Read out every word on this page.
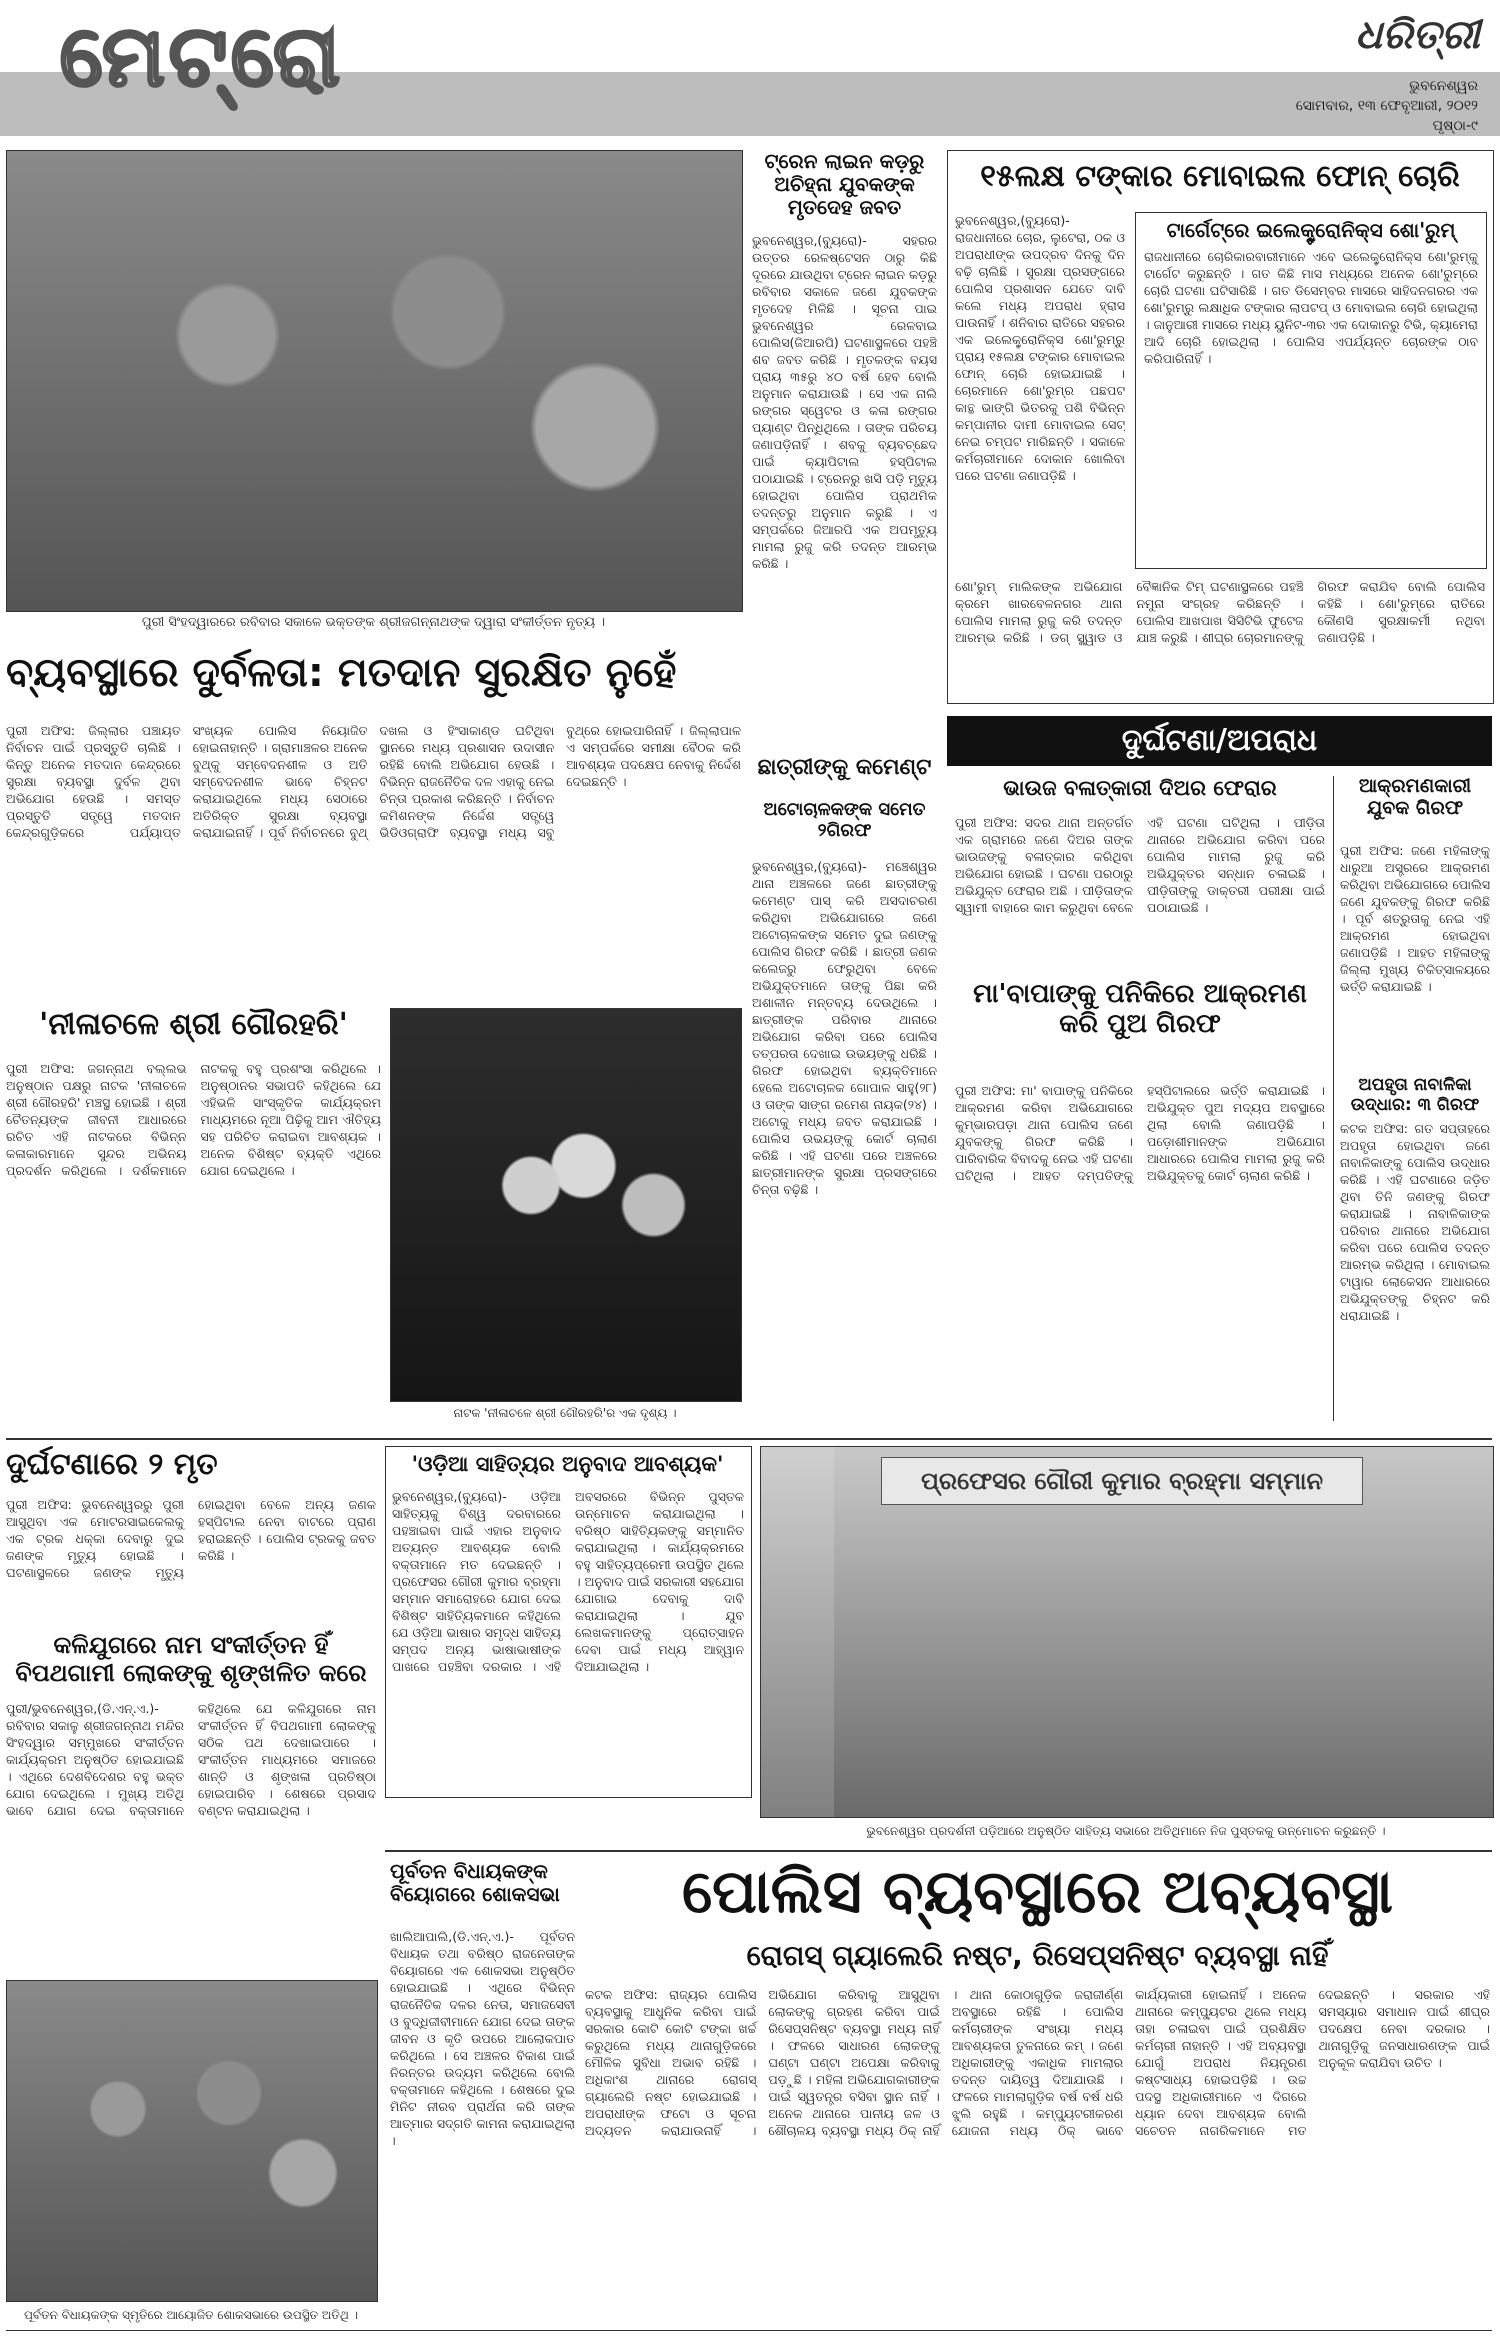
ମେଟ୍ରୋ	ଧରିତ୍ରୀ
ଭୁବନେଶ୍ୱର
ସୋମବାର, ୧୩ ଫେବୃଆରୀ, ୨୦୧୨
ପୃଷ୍ଠା-୯
ପୁରୀ ସିଂହଦ୍ୱାରରେ ରବିବାର ସକାଳେ ଭକ୍ତଙ୍କ ଶ୍ରୀଜଗନ୍ନାଥଙ୍କ ଦ୍ୱାରା ସଂକୀର୍ତ୍ତନ ନୃତ୍ୟ ।
ଟ୍ରେନ ଲାଇନ କଡ଼ରୁ ଅଚିହ୍ନା ଯୁବକଙ୍କ ମୃତଦେହ ଜବତ
ଭୁବନେଶ୍ୱର,(ବ୍ୟୁରୋ)- ସହରର ଉତ୍ତର ରେଳଷ୍ଟେସନ ଠାରୁ କିଛି ଦୂରରେ ଯାଉଥିବା ଟ୍ରେନ ଲାଇନ କଡ଼ରୁ ରବିବାର ସକାଳେ ଜଣେ ଯୁବକଙ୍କ ମୃତଦେହ ମିଳିଛି । ସୂଚନା ପାଇ ଭୁବନେଶ୍ୱର ରେଳବାଇ ପୋଲିସ(ଜିଆରପି) ଘଟଣାସ୍ଥଳରେ ପହଞ୍ଚି ଶବ ଜବତ କରିଛି । ମୃତକଙ୍କ ବୟସ ପ୍ରାୟ ୩୫ରୁ ୪୦ ବର୍ଷ ହେବ ବୋଲି ଅନୁମାନ କରାଯାଉଛି । ସେ ଏକ ନାଲି ରଙ୍ଗର ସ୍ୱେଟର ଓ କଳା ରଙ୍ଗର ପ୍ୟାଣ୍ଟ ପିନ୍ଧିଥିଲେ । ତାଙ୍କ ପରିଚୟ ଜଣାପଡ଼ିନାହିଁ । ଶବକୁ ବ୍ୟବଚ୍ଛେଦ ପାଇଁ କ୍ୟାପିଟାଲ ହସ୍ପିଟାଲ ପଠାଯାଇଛି । ଟ୍ରେନରୁ ଖସି ପଡ଼ି ମୃତ୍ୟୁ ହୋଇଥିବା ପୋଲିସ ପ୍ରାଥମିକ ତଦନ୍ତରୁ ଅନୁମାନ କରୁଛି । ଏ ସମ୍ପର୍କରେ ଜିଆରପି ଏକ ଅପମୃତ୍ୟୁ ମାମଲା ରୁଜୁ କରି ତଦନ୍ତ ଆରମ୍ଭ କରିଛି ।
୧୫ଲକ୍ଷ ଟଙ୍କାର ମୋବାଇଲ ଫୋନ୍ ଚୋରି
ଭୁବନେଶ୍ୱର,(ବ୍ୟୁରୋ)- ରାଜଧାନୀରେ ଚୋର, ଲୁଟେରା, ଠକ ଓ ଅପରାଧୀଙ୍କ ଉପଦ୍ରବ ଦିନକୁ ଦିନ ବଢ଼ି ଚାଲିଛି । ସୁରକ୍ଷା ପ୍ରସଙ୍ଗରେ ପୋଲିସ ପ୍ରଶାସନ ଯେତେ ଦାବି କଲେ ମଧ୍ୟ ଅପରାଧ ହ୍ରାସ ପାଉନାହିଁ । ଶନିବାର ରାତିରେ ସହରର ଏକ ଇଲେକ୍ଟ୍ରୋନିକ୍ସ ଶୋ'ରୁମ୍‌ରୁ ପ୍ରାୟ ୧୫ଲକ୍ଷ ଟଙ୍କାର ମୋବାଇଲ ଫୋନ୍ ଚୋରି ହୋଇଯାଇଛି । ଚୋରମାନେ ଶୋ'ରୁମ୍‌ର ପଛପଟ କାନ୍ଥ ଭାଙ୍ଗି ଭିତରକୁ ପଶି ବିଭିନ୍ନ କମ୍ପାନୀର ଦାମୀ ମୋବାଇଲ ସେଟ୍ ନେଇ ଚମ୍ପଟ ମାରିଛନ୍ତି । ସକାଳେ କର୍ମଚାରୀମାନେ ଦୋକାନ ଖୋଲିବା ପରେ ଘଟଣା ଜଣାପଡ଼ିଛି ।
ଟାର୍ଗେଟ୍‌ରେ ଇଲେକ୍ଟ୍ରୋନିକ୍ସ ଶୋ'ରୁମ୍
ରାଜଧାନୀରେ ଚୋରିକାରବାରୀମାନେ ଏବେ ଇଲେକ୍ଟ୍ରୋନିକ୍ସ ଶୋ'ରୁମ୍‌କୁ ଟାର୍ଗେଟ କରୁଛନ୍ତି । ଗତ କିଛି ମାସ ମଧ୍ୟରେ ଅନେକ ଶୋ'ରୁମ୍‌ରେ ଚୋରି ଘଟଣା ଘଟିସାରିଛି । ଗତ ଡିସେମ୍ବର ମାସରେ ସାହିଦନଗରର ଏକ ଶୋ'ରୁମ୍‌ରୁ ଲକ୍ଷାଧିକ ଟଙ୍କାର ଲାପଟପ୍ ଓ ମୋବାଇଲ ଚୋରି ହୋଇଥିଲା । ଜାନୁଆରୀ ମାସରେ ମଧ୍ୟ ୟୁନିଟ-୩ର ଏକ ଦୋକାନରୁ ଟିଭି, କ୍ୟାମେରା ଆଦି ଚୋରି ହୋଇଥିଲା । ପୋଲିସ ଏପର୍ଯ୍ୟନ୍ତ ଚୋରଙ୍କ ଠାବ କରିପାରିନାହିଁ ।
ଶୋ'ରୁମ୍ ମାଲିକଙ୍କ ଅଭିଯୋଗ କ୍ରମେ ଖାରବେଳନଗର ଥାନା ପୋଲିସ ମାମଲା ରୁଜୁ କରି ତଦନ୍ତ ଆରମ୍ଭ କରିଛି । ଡଗ୍ ସ୍କ୍ୱାଡ ଓ ବୈଜ୍ଞାନିକ ଟିମ୍ ଘଟଣାସ୍ଥଳରେ ପହଞ୍ଚି ନମୁନା ସଂଗ୍ରହ କରିଛନ୍ତି । ପୋଲିସ ଆଖପାଖ ସିସିଟିଭି ଫୁଟେଜ ଯାଞ୍ଚ କରୁଛି । ଶୀଘ୍ର ଚୋରମାନଙ୍କୁ ଗିରଫ କରାଯିବ ବୋଲି ପୋଲିସ କହିଛି । ଶୋ'ରୁମ୍‌ରେ ରାତିରେ କୌଣସି ସୁରକ୍ଷାକର୍ମୀ ନଥିବା ଜଣାପଡ଼ିଛି ।
ବ୍ୟବସ୍ଥାରେ ଦୁର୍ବଳତା: ମତଦାନ ସୁରକ୍ଷିତ ନୁହେଁ
ପୁରୀ ଅଫିସ: ଜିଲ୍ଲାର ପଞ୍ଚାୟତ ନିର୍ବାଚନ ପାଇଁ ପ୍ରସ୍ତୁତି ଚାଲିଛି । କିନ୍ତୁ ଅନେକ ମତଦାନ କେନ୍ଦ୍ରରେ ସୁରକ୍ଷା ବ୍ୟବସ୍ଥା ଦୁର୍ବଳ ଥିବା ଅଭିଯୋଗ ହେଉଛି । ସମସ୍ତ ପ୍ରସ୍ତୁତି ସତ୍ତ୍ୱେ ମତଦାନ କେନ୍ଦ୍ରଗୁଡ଼ିକରେ ପର୍ଯ୍ୟାପ୍ତ ସଂଖ୍ୟକ ପୋଲିସ ନିୟୋଜିତ ହୋଇନାହାନ୍ତି । ଗ୍ରାମାଞ୍ଚଳର ଅନେକ ବୁଥ୍‌କୁ ସମ୍ବେଦନଶୀଳ ଓ ଅତି ସମ୍ବେଦନଶୀଳ ଭାବେ ଚିହ୍ନଟ କରାଯାଇଥିଲେ ମଧ୍ୟ ସେଠାରେ ଅତିରିକ୍ତ ସୁରକ୍ଷା ବ୍ୟବସ୍ଥା କରାଯାଇନାହିଁ । ପୂର୍ବ ନିର୍ବାଚନରେ ବୁଥ୍ ଦଖଲ ଓ ହିଂସାକାଣ୍ଡ ଘଟିଥିବା ସ୍ଥାନରେ ମଧ୍ୟ ପ୍ରଶାସନ ଉଦାସୀନ ରହିଛି ବୋଲି ଅଭିଯୋଗ ହେଉଛି । ବିଭିନ୍ନ ରାଜନୈତିକ ଦଳ ଏହାକୁ ନେଇ ଚିନ୍ତା ପ୍ରକାଶ କରିଛନ୍ତି । ନିର୍ବାଚନ କମିଶନଙ୍କ ନିର୍ଦ୍ଦେଶ ସତ୍ତ୍ୱେ ଭିଡିଓଗ୍ରାଫି ବ୍ୟବସ୍ଥା ମଧ୍ୟ ସବୁ ବୁଥ୍‌ରେ ହୋଇପାରିନାହିଁ । ଜିଲ୍ଲାପାଳ ଏ ସମ୍ପର୍କରେ ସମୀକ୍ଷା ବୈଠକ କରି ଆବଶ୍ୟକ ପଦକ୍ଷେପ ନେବାକୁ ନିର୍ଦ୍ଦେଶ ଦେଇଛନ୍ତି ।
ଛାତ୍ରୀଙ୍କୁ କମେଣ୍ଟ
ଅଟୋଚାଳକଙ୍କ ସମେତ ୨ଗିରଫ
ଭୁବନେଶ୍ୱର,(ବ୍ୟୁରୋ)- ମଞ୍ଚେଶ୍ୱର ଥାନା ଅଞ୍ଚଳରେ ଜଣେ ଛାତ୍ରୀଙ୍କୁ କମେଣ୍ଟ ପାସ୍ କରି ଅସଦାଚରଣ କରିଥିବା ଅଭିଯୋଗରେ ଜଣେ ଅଟୋଚାଳକଙ୍କ ସମେତ ଦୁଇ ଜଣଙ୍କୁ ପୋଲିସ ଗିରଫ କରିଛି । ଛାତ୍ରୀ ଜଣକ କଲେଜରୁ ଫେରୁଥିବା ବେଳେ ଅଭିଯୁକ୍ତମାନେ ତାଙ୍କୁ ପିଛା କରି ଅଶାଳୀନ ମନ୍ତବ୍ୟ ଦେଉଥିଲେ । ଛାତ୍ରୀଙ୍କ ପରିବାର ଥାନାରେ ଅଭିଯୋଗ କରିବା ପରେ ପୋଲିସ ତତ୍ପରତା ଦେଖାଇ ଉଭୟଙ୍କୁ ଧରିଛି । ଗିରଫ ହୋଇଥିବା ବ୍ୟକ୍ତିମାନେ ହେଲେ ଅଟୋଚାଳକ ଗୋପାଳ ସାହୁ(୨୮) ଓ ତାଙ୍କ ସାଙ୍ଗ ରମେଶ ନାୟକ(୨୪) । ଅଟୋକୁ ମଧ୍ୟ ଜବତ କରାଯାଇଛି । ପୋଲିସ ଉଭୟଙ୍କୁ କୋର୍ଟ ଚାଲାଣ କରିଛି । ଏହି ଘଟଣା ପରେ ଅଞ୍ଚଳରେ ଛାତ୍ରୀମାନଙ୍କ ସୁରକ୍ଷା ପ୍ରସଙ୍ଗରେ ଚିନ୍ତା ବଢ଼ିଛି ।
ଦୁର୍ଘଟଣା/ଅପରାଧ
ଭାଉଜ ବଳାତ୍କାରୀ ଦିଅର ଫେରାର
ପୁରୀ ଅଫିସ: ସଦର ଥାନା ଅନ୍ତର୍ଗତ ଏକ ଗ୍ରାମରେ ଜଣେ ଦିଅର ତାଙ୍କ ଭାଉଜଙ୍କୁ ବଳାତ୍କାର କରିଥିବା ଅଭିଯୋଗ ହୋଇଛି । ଘଟଣା ପରଠାରୁ ଅଭିଯୁକ୍ତ ଫେରାର ଅଛି । ପୀଡ଼ିତାଙ୍କ ସ୍ୱାମୀ ବାହାରେ କାମ କରୁଥିବା ବେଳେ ଏହି ଘଟଣା ଘଟିଥିଲା । ପୀଡ଼ିତା ଥାନାରେ ଅଭିଯୋଗ କରିବା ପରେ ପୋଲିସ ମାମଲା ରୁଜୁ କରି ଅଭିଯୁକ୍ତର ସନ୍ଧାନ ଚଳାଇଛି । ପୀଡ଼ିତାଙ୍କୁ ଡାକ୍ତରୀ ପରୀକ୍ଷା ପାଇଁ ପଠାଯାଇଛି ।
ଆକ୍ରମଣକାରୀ ଯୁବକ ଗିରଫ
ପୁରୀ ଅଫିସ: ଜଣେ ମହିଳାଙ୍କୁ ଧାରୁଆ ଅସ୍ତ୍ରରେ ଆକ୍ରମଣ କରିଥିବା ଅଭିଯୋଗରେ ପୋଲିସ ଜଣେ ଯୁବକଙ୍କୁ ଗିରଫ କରିଛି । ପୂର୍ବ ଶତ୍ରୁତାକୁ ନେଇ ଏହି ଆକ୍ରମଣ ହୋଇଥିବା ଜଣାପଡ଼ିଛି । ଆହତ ମହିଳାଙ୍କୁ ଜିଲ୍ଲା ମୁଖ୍ୟ ଚିକିତ୍ସାଳୟରେ ଭର୍ତ୍ତି କରାଯାଇଛି ।
ଅପହୃତା ନାବାଳିକା ଉଦ୍ଧାର: ୩ ଗିରଫ
କଟକ ଅଫିସ: ଗତ ସପ୍ତାହରେ ଅପହୃତା ହୋଇଥିବା ଜଣେ ନାବାଳିକାଙ୍କୁ ପୋଲିସ ଉଦ୍ଧାର କରିଛି । ଏହି ଘଟଣାରେ ଜଡ଼ିତ ଥିବା ତିନି ଜଣଙ୍କୁ ଗିରଫ କରାଯାଇଛି । ନାବାଳିକାଙ୍କ ପରିବାର ଥାନାରେ ଅଭିଯୋଗ କରିବା ପରେ ପୋଲିସ ତଦନ୍ତ ଆରମ୍ଭ କରିଥିଲା । ମୋବାଇଲ ଟାୱାର ଲୋକେସନ ଆଧାରରେ ଅଭିଯୁକ୍ତଙ୍କୁ ଚିହ୍ନଟ କରି ଧରାଯାଇଛି ।
ମା'ବାପାଙ୍କୁ ପନିକିରେ ଆକ୍ରମଣ କରି ପୁଅ ଗିରଫ
ପୁରୀ ଅଫିସ: ମା' ବାପାଙ୍କୁ ପନିକିରେ ଆକ୍ରମଣ କରିବା ଅଭିଯୋଗରେ କୁମ୍ଭାରପଡ଼ା ଥାନା ପୋଲିସ ଜଣେ ଯୁବକଙ୍କୁ ଗିରଫ କରିଛି । ପାରିବାରିକ ବିବାଦକୁ ନେଇ ଏହି ଘଟଣା ଘଟିଥିଲା । ଆହତ ଦମ୍ପତିଙ୍କୁ ହସ୍ପିଟାଲରେ ଭର୍ତ୍ତି କରାଯାଇଛି । ଅଭିଯୁକ୍ତ ପୁଅ ମଦ୍ୟପ ଅବସ୍ଥାରେ ଥିଲା ବୋଲି ଜଣାପଡ଼ିଛି । ପଡ଼ୋଶୀମାନଙ୍କ ଅଭିଯୋଗ ଆଧାରରେ ପୋଲିସ ମାମଲା ରୁଜୁ କରି ଅଭିଯୁକ୍ତକୁ କୋର୍ଟ ଚାଲାଣ କରିଛି ।
'ନୀଳାଚଳେ ଶ୍ରୀ ଗୌରହରି'
ପୁରୀ ଅଫିସ: ଜଗନ୍ନାଥ ବଲ୍ଲଭ ଅନୁଷ୍ଠାନ ପକ୍ଷରୁ ନାଟକ 'ନୀଳାଚଳେ ଶ୍ରୀ ଗୌରହରି' ମଞ୍ଚସ୍ଥ ହୋଇଛି । ଶ୍ରୀ ଚୈତନ୍ୟଙ୍କ ଜୀବନୀ ଆଧାରରେ ରଚିତ ଏହି ନାଟକରେ ବିଭିନ୍ନ କଳାକାରମାନେ ସୁନ୍ଦର ଅଭିନୟ ପ୍ରଦର୍ଶନ କରିଥିଲେ । ଦର୍ଶକମାନେ ନାଟକକୁ ବହୁ ପ୍ରଶଂସା କରିଥିଲେ । ଅନୁଷ୍ଠାନର ସଭାପତି କହିଥିଲେ ଯେ ଏହିଭଳି ସାଂସ୍କୃତିକ କାର୍ଯ୍ୟକ୍ରମ ମାଧ୍ୟମରେ ନୂଆ ପିଢ଼ିକୁ ଆମ ଐତିହ୍ୟ ସହ ପରିଚିତ କରାଇବା ଆବଶ୍ୟକ । ଅନେକ ବିଶିଷ୍ଟ ବ୍ୟକ୍ତି ଏଥିରେ ଯୋଗ ଦେଇଥିଲେ ।
ନାଟକ 'ନୀଳାଚଳେ ଶ୍ରୀ ଗୌରହରି'ର ଏକ ଦୃଶ୍ୟ ।
ଦୁର୍ଘଟଣାରେ ୨ ମୃତ
ପୁରୀ ଅଫିସ: ଭୁବନେଶ୍ୱରରୁ ପୁରୀ ଆସୁଥିବା ଏକ ମୋଟରସାଇକେଲକୁ ଏକ ଟ୍ରକ ଧକ୍କା ଦେବାରୁ ଦୁଇ ଜଣଙ୍କ ମୃତ୍ୟୁ ହୋଇଛି । ଘଟଣାସ୍ଥଳରେ ଜଣଙ୍କ ମୃତ୍ୟୁ ହୋଇଥିବା ବେଳେ ଅନ୍ୟ ଜଣକ ହସ୍ପିଟାଲ ନେବା ବାଟରେ ପ୍ରାଣ ହରାଇଛନ୍ତି । ପୋଲିସ ଟ୍ରକକୁ ଜବତ କରିଛି ।
କଳିଯୁଗରେ ନାମ ସଂକୀର୍ତ୍ତନ ହିଁ ବିପଥଗାମୀ ଲୋକଙ୍କୁ ଶୃଙ୍ଖଳିତ କରେ
ପୁରୀ/ଭୁବନେଶ୍ୱର,(ଡି.ଏନ୍.ଏ.)- ରବିବାର ସକାଳୁ ଶ୍ରୀଜଗନ୍ନାଥ ମନ୍ଦିର ସିଂହଦ୍ୱାର ସମ୍ମୁଖରେ ସଂକୀର୍ତ୍ତନ କାର୍ଯ୍ୟକ୍ରମ ଅନୁଷ୍ଠିତ ହୋଇଯାଇଛି । ଏଥିରେ ଦେଶବିଦେଶର ବହୁ ଭକ୍ତ ଯୋଗ ଦେଇଥିଲେ । ମୁଖ୍ୟ ଅତିଥି ଭାବେ ଯୋଗ ଦେଇ ବକ୍ତାମାନେ କହିଥିଲେ ଯେ କଳିଯୁଗରେ ନାମ ସଂକୀର୍ତ୍ତନ ହିଁ ବିପଥଗାମୀ ଲୋକଙ୍କୁ ସଠିକ ପଥ ଦେଖାଇପାରେ । ସଂକୀର୍ତ୍ତନ ମାଧ୍ୟମରେ ସମାଜରେ ଶାନ୍ତି ଓ ଶୃଙ୍ଖଳା ପ୍ରତିଷ୍ଠା ହୋଇପାରିବ । ଶେଷରେ ପ୍ରସାଦ ବଣ୍ଟନ କରାଯାଇଥିଲା ।
'ଓଡ଼ିଆ ସାହିତ୍ୟର ଅନୁବାଦ ଆବଶ୍ୟକ'
ଭୁବନେଶ୍ୱର,(ବ୍ୟୁରୋ)- ଓଡ଼ିଆ ସାହିତ୍ୟକୁ ବିଶ୍ୱ ଦରବାରରେ ପହଞ୍ଚାଇବା ପାଇଁ ଏହାର ଅନୁବାଦ ଅତ୍ୟନ୍ତ ଆବଶ୍ୟକ ବୋଲି ବକ୍ତାମାନେ ମତ ଦେଇଛନ୍ତି । ପ୍ରଫେସର ଗୌରୀ କୁମାର ବ୍ରହ୍ମା ସମ୍ମାନ ସମାରୋହରେ ଯୋଗ ଦେଇ ବିଶିଷ୍ଟ ସାହିତ୍ୟିକମାନେ କହିଥିଲେ ଯେ ଓଡ଼ିଆ ଭାଷାର ସମୃଦ୍ଧ ସାହିତ୍ୟ ସମ୍ପଦ ଅନ୍ୟ ଭାଷାଭାଷୀଙ୍କ ପାଖରେ ପହଞ୍ଚିବା ଦରକାର । ଏହି ଅବସରରେ ବିଭିନ୍ନ ପୁସ୍ତକ ଉନ୍ମୋଚନ କରାଯାଇଥିଲା । ବରିଷ୍ଠ ସାହିତ୍ୟିକଙ୍କୁ ସମ୍ମାନିତ କରାଯାଇଥିଲା । କାର୍ଯ୍ୟକ୍ରମରେ ବହୁ ସାହିତ୍ୟପ୍ରେମୀ ଉପସ୍ଥିତ ଥିଲେ । ଅନୁବାଦ ପାଇଁ ସରକାରୀ ସହଯୋଗ ଯୋଗାଇ ଦେବାକୁ ଦାବି କରାଯାଇଥିଲା । ଯୁବ ଲେଖକମାନଙ୍କୁ ପ୍ରୋତ୍ସାହନ ଦେବା ପାଇଁ ମଧ୍ୟ ଆହ୍ୱାନ ଦିଆଯାଇଥିଲା ।
ପ୍ରଫେସର ଗୌରୀ କୁମାର ବ୍ରହ୍ମା ସମ୍ମାନ
ଭୁବନେଶ୍ୱର ପ୍ରଦର୍ଶନୀ ପଡ଼ିଆରେ ଅନୁଷ୍ଠିତ ସାହିତ୍ୟ ସଭାରେ ଅତିଥିମାନେ ନିଜ ପୁସ୍ତକକୁ ଉନ୍ମୋଚନ କରୁଛନ୍ତି ।
ପୂର୍ବତନ ବିଧାୟକଙ୍କ ବିୟୋଗରେ ଶୋକସଭା
ଖାଲିଆପାଲି,(ଡି.ଏନ୍.ଏ.)- ପୂର୍ବତନ ବିଧାୟକ ତଥା ବରିଷ୍ଠ ରାଜନେତାଙ୍କ ବିୟୋଗରେ ଏକ ଶୋକସଭା ଅନୁଷ୍ଠିତ ହୋଇଯାଇଛି । ଏଥିରେ ବିଭିନ୍ନ ରାଜନୈତିକ ଦଳର ନେତା, ସମାଜସେବୀ ଓ ବୁଦ୍ଧିଜୀବୀମାନେ ଯୋଗ ଦେଇ ତାଙ୍କ ଜୀବନ ଓ କୃତି ଉପରେ ଆଲୋକପାତ କରିଥିଲେ । ସେ ଅଞ୍ଚଳର ବିକାଶ ପାଇଁ ନିରନ୍ତର ଉଦ୍ୟମ କରିଥିଲେ ବୋଲି ବକ୍ତାମାନେ କହିଥିଲେ । ଶେଷରେ ଦୁଇ ମିନିଟ ନୀରବ ପ୍ରାର୍ଥନା କରି ତାଙ୍କ ଆତ୍ମାର ସଦ୍‌ଗତି କାମନା କରାଯାଇଥିଲା ।
ପୂର୍ବତନ ବିଧାୟକଙ୍କ ସ୍ମୃତିରେ ଆୟୋଜିତ ଶୋକସଭାରେ ଉପସ୍ଥିତ ଅତିଥି ।
ପୋଲିସ ବ୍ୟବସ୍ଥାରେ ଅବ୍ୟବସ୍ଥା
ରୋଗସ୍ ଗ୍ୟାଲେରି ନଷ୍ଟ, ରିସେପ୍ସନିଷ୍ଟ ବ୍ୟବସ୍ଥା ନାହିଁ
କଟକ ଅଫିସ: ରାଜ୍ୟର ପୋଲିସ ବ୍ୟବସ୍ଥାକୁ ଆଧୁନିକ କରିବା ପାଇଁ ସରକାର କୋଟି କୋଟି ଟଙ୍କା ଖର୍ଚ୍ଚ କରୁଥିଲେ ମଧ୍ୟ ଥାନାଗୁଡ଼ିକରେ ମୌଳିକ ସୁବିଧା ଅଭାବ ରହିଛି । ଅଧିକାଂଶ ଥାନାରେ ରୋଗସ୍ ଗ୍ୟାଲେରି ନଷ୍ଟ ହୋଇଯାଇଛି । ଅପରାଧୀଙ୍କ ଫଟୋ ଓ ସୂଚନା ଅଦ୍ୟତନ କରାଯାଉନାହିଁ । ଅଭିଯୋଗ କରିବାକୁ ଆସୁଥିବା ଲୋକଙ୍କୁ ଗ୍ରହଣ କରିବା ପାଇଁ ରିସେପ୍ସନିଷ୍ଟ ବ୍ୟବସ୍ଥା ମଧ୍ୟ ନାହିଁ । ଫଳରେ ସାଧାରଣ ଲୋକଙ୍କୁ ଘଣ୍ଟା ଘଣ୍ଟା ଅପେକ୍ଷା କରିବାକୁ ପଡ଼ୁଛି । ମହିଳା ଅଭିଯୋଗକାରୀଙ୍କ ପାଇଁ ସ୍ୱତନ୍ତ୍ର ବସିବା ସ୍ଥାନ ନାହିଁ । ଅନେକ ଥାନାରେ ପାନୀୟ ଜଳ ଓ ଶୌଚାଳୟ ବ୍ୟବସ୍ଥା ମଧ୍ୟ ଠିକ୍ ନାହିଁ । ଥାନା କୋଠାଗୁଡ଼ିକ ଜରାଜୀର୍ଣ୍ଣ ଅବସ୍ଥାରେ ରହିଛି । ପୋଲିସ କର୍ମଚାରୀଙ୍କ ସଂଖ୍ୟା ମଧ୍ୟ ଆବଶ୍ୟକତା ତୁଳନାରେ କମ୍ । ଜଣେ ଅଧିକାରୀଙ୍କୁ ଏକାଧିକ ମାମଲାର ତଦନ୍ତ ଦାୟିତ୍ୱ ଦିଆଯାଉଛି । ଫଳରେ ମାମଲାଗୁଡ଼ିକ ବର୍ଷ ବର୍ଷ ଧରି ଝୁଲି ରହୁଛି । କମ୍ପ୍ୟୁଟରୀକରଣ ଯୋଜନା ମଧ୍ୟ ଠିକ୍ ଭାବେ କାର୍ଯ୍ୟକାରୀ ହୋଇନାହିଁ । ଅନେକ ଥାନାରେ କମ୍ପ୍ୟୁଟର ଥିଲେ ମଧ୍ୟ ତାହା ଚଳାଇବା ପାଇଁ ପ୍ରଶିକ୍ଷିତ କର୍ମଚାରୀ ନାହାନ୍ତି । ଏହି ଅବ୍ୟବସ୍ଥା ଯୋଗୁଁ ଅପରାଧ ନିୟନ୍ତ୍ରଣ କଷ୍ଟସାଧ୍ୟ ହୋଇପଡ଼ିଛି । ଉଚ୍ଚ ପଦସ୍ଥ ଅଧିକାରୀମାନେ ଏ ଦିଗରେ ଧ୍ୟାନ ଦେବା ଆବଶ୍ୟକ ବୋଲି ସଚେତନ ନାଗରିକମାନେ ମତ ଦେଇଛନ୍ତି । ସରକାର ଏହି ସମସ୍ୟାର ସମାଧାନ ପାଇଁ ଶୀଘ୍ର ପଦକ୍ଷେପ ନେବା ଦରକାର । ଥାନାଗୁଡ଼ିକୁ ଜନସାଧାରଣଙ୍କ ପାଇଁ ଅନୁକୂଳ କରାଯିବା ଉଚିତ ।
